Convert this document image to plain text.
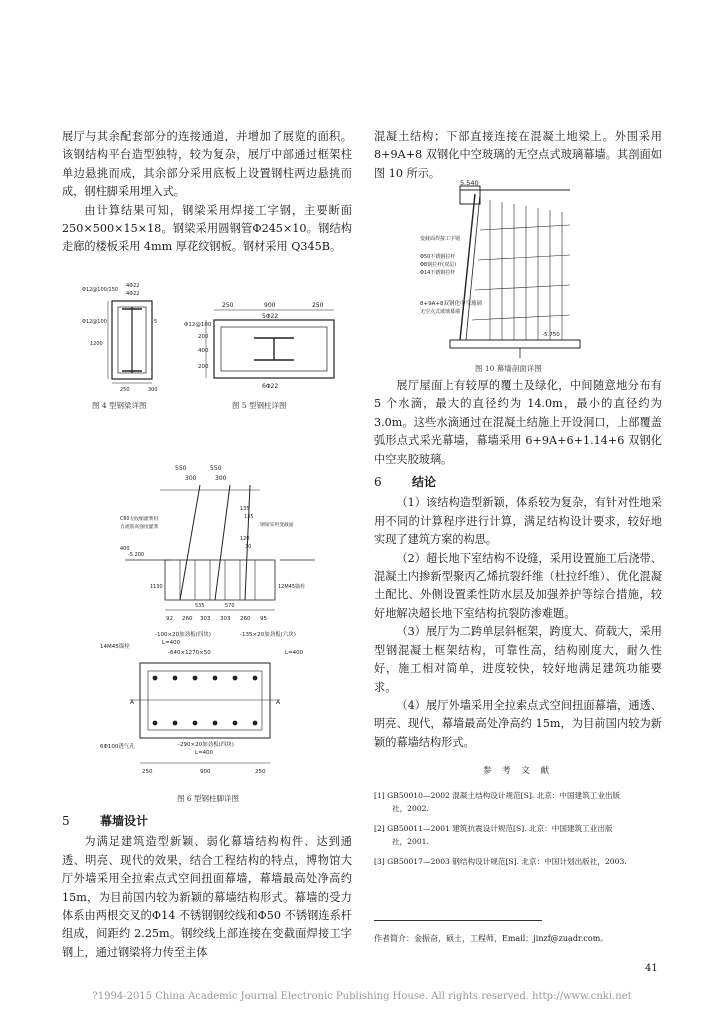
展厅与其余配套部分的连接通道，并增加了展览的面积。该钢结构平台造型独特，较为复杂，展厅中部通过框架柱单边悬挑而成，其余部分采用底板上设置钢柱两边悬挑而成，钢柱脚采用埋入式。

由计算结果可知，钢梁采用焊接工字钢，主要断面 250×500×15×18。钢梁采用圆钢管Φ245×10。钢结构走廊的楼板采用 4mm 厚花纹钢板。钢材采用 Q345B。

混凝土结构；下部直接连接在混凝土地梁上。外围采用 8+9A+8 双钢化中空玻璃的无空点式玻璃幕墙。其剖面如图 10 所示。

5.540
变截面焊接工字钢
Φ50不锈钢拉杆
Φ8钢拉杆(双层)
Φ14不锈钢拉杆
8+9A+8双钢化中空玻璃
无空点式玻璃幕墙
-5.750
图 10 幕墙剖面详图

展厅屋面上有较厚的覆土及绿化，中间随意地分布有 5 个水滴，最大的直径约为 14.0m，最小的直径约为 3.0m。这些水滴通过在混凝土结施上开设洞口，上部覆盖弧形点式采光幕墙，幕墙采用 6+9A+6+1.14+6 双钢化中空夹胶玻璃。

6	结论

（1）该结构造型新颖，体系较为复杂，有针对性地采用不同的计算程序进行计算，满足结构设计要求，较好地实现了建筑方案的构思。

（2）超长地下室结构不设缝，采用设置施工后浇带、混凝土内掺新型聚丙乙烯抗裂纤维（杜拉纤维）、优化混凝土配比、外侧设置柔性防水层及加强养护等综合措施，较好地解决超长地下室结构抗裂防渗难题。

（3）展厅为二跨单层斜框架，跨度大、荷载大，采用型钢混凝土框架结构，可靠性高，结构刚度大，耐久性好，施工相对简单，进度较快，较好地满足建筑功能要求。

（4）展厅外墙采用全拉索点式空间扭面幕墙，通透、明亮、现代，幕墙最高处净高约 15m，为目前国内较为新颖的幕墙结构形式。

参 考 文 献
[1] GB50010—2002 混凝土结构设计规范[S]. 北京：中国建筑工业出版
社，2002.
[2] GB50011—2001 建筑抗震设计规范[S]. 北京：中国建筑工业出版
社，2001.
[3] GB50017—2003 钢结构设计规范[S]. 北京：中国计划出版社，2003.
作者简介：金振奋，硕士，工程师，Email：jinzf@zuadr.com。
41
Φ12@100/150
4Φ22
1200
5
250	300
Φ12@100
4Φ22
图 4 型钢梁详图
250	900	250
5Φ22
Φ12@100
200
400
200
6Φ22
图 5 型钢柱详图
550	550
300	300
C60无收缩灌浆料
自流筋高强度灌浆	钢梁采用变截面
-5.200
400
1130
135
120
12M45锚栓
135
30
535	570
92 260 303 303 260 95
-100×20加劲板(四块)	-135×20加劲板(六块)
L=400
L=400
-640×1270×50
14M45锚栓
6Φ100透气孔	-290×20加劲板(四块)
L=400
250	900	250
A	A
图 6 型钢柱脚详图
5	幕墙设计

为满足建筑造型新颖、弱化幕墙结构构件、达到通透、明亮、现代的效果，结合工程结构的特点，博物馆大厅外墙采用全拉索点式空间扭面幕墙，幕墙最高处净高约 15m，为目前国内较为新颖的幕墙结构形式。幕墙的受力体系由两根交叉的Φ14 不锈钢钢绞线和Φ50 不锈钢连系杆组成，间距约 2.25m。钢绞线上部连接在变截面焊接工字钢上，通过钢梁将力传至主体

?1994-2015 China Academic Journal Electronic Publishing House. All rights reserved. http://www.cnki.net
